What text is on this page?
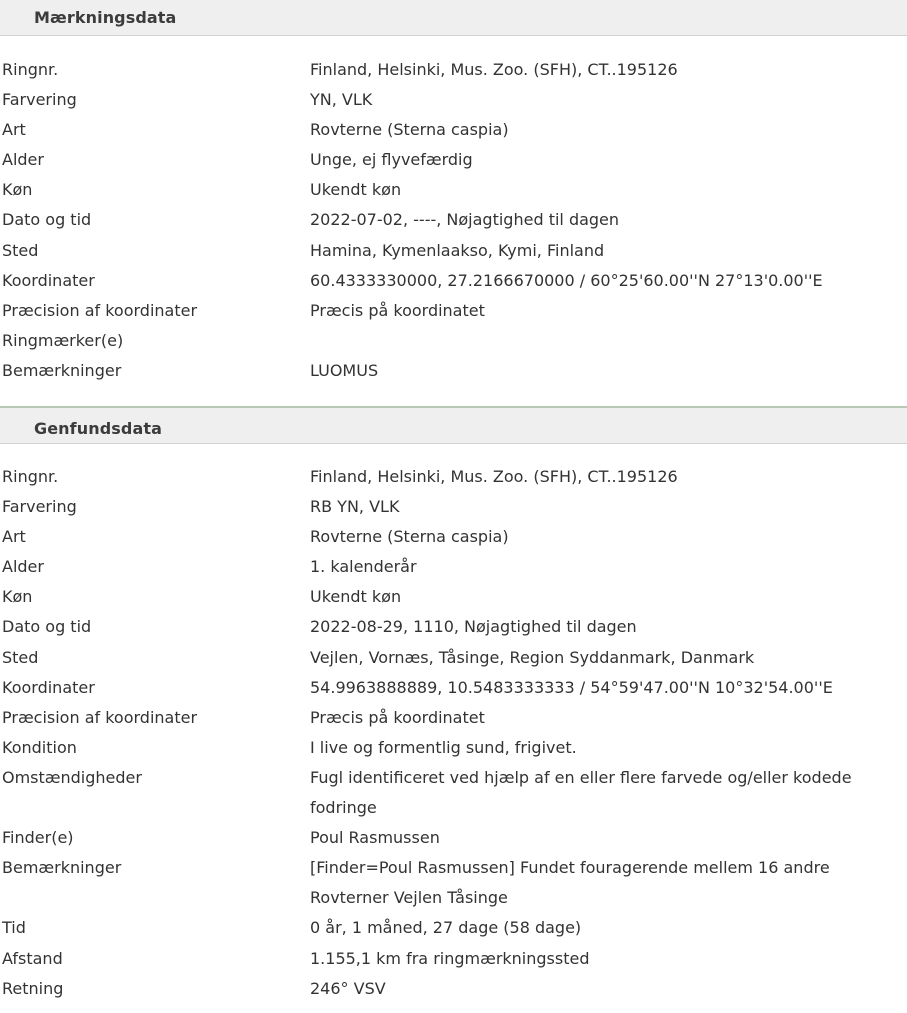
Mærkningsdata
Ringnr.	Finland, Helsinki, Mus. Zoo. (SFH), CT..195126
Farvering	YN, VLK
Art	Rovterne (Sterna caspia)
Alder	Unge, ej flyvefærdig
Køn	Ukendt køn
Dato og tid	2022-07-02, ----, Nøjagtighed til dagen
Sted	Hamina, Kymenlaakso, Kymi, Finland
Koordinater	60.4333330000, 27.2166670000 / 60°25'60.00''N 27°13'0.00''E
Præcision af koordinater	Præcis på koordinatet
Ringmærker(e)
Bemærkninger	LUOMUS
Genfundsdata
Ringnr.	Finland, Helsinki, Mus. Zoo. (SFH), CT..195126
Farvering	RB YN, VLK
Art	Rovterne (Sterna caspia)
Alder	1. kalenderår
Køn	Ukendt køn
Dato og tid	2022-08-29, 1110, Nøjagtighed til dagen
Sted	Vejlen, Vornæs, Tåsinge, Region Syddanmark, Danmark
Koordinater	54.9963888889, 10.5483333333 / 54°59'47.00''N 10°32'54.00''E
Præcision af koordinater	Præcis på koordinatet
Kondition	I live og formentlig sund, frigivet.
Omstændigheder	Fugl identificeret ved hjælp af en eller flere farvede og/eller kodede fodringe
Finder(e)	Poul Rasmussen
Bemærkninger	[Finder=Poul Rasmussen] Fundet fouragerende mellem 16 andre Rovterner Vejlen Tåsinge
Tid	0 år, 1 måned, 27 dage (58 dage)
Afstand	1.155,1 km fra ringmærkningssted
Retning	246° VSV
